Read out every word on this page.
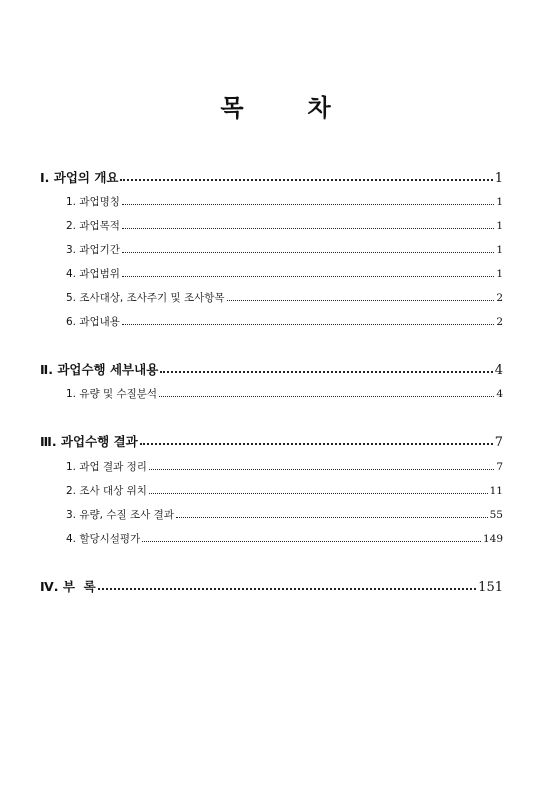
목	차
Ⅰ. 과업의 개요	1
1. 과업명칭	1
2. 과업목적	1
3. 과업기간	1
4. 과업범위	1
5. 조사대상, 조사주기 및 조사항목	2
6. 과업내용	2
Ⅱ. 과업수행 세부내용	4
1. 유량 및 수질분석	4
Ⅲ. 과업수행 결과	7
1. 과업 결과 정리	7
2. 조사 대상 위치	11
3. 유량, 수질 조사 결과	55
4. 할당시설평가	149
Ⅳ. 부  록	151
